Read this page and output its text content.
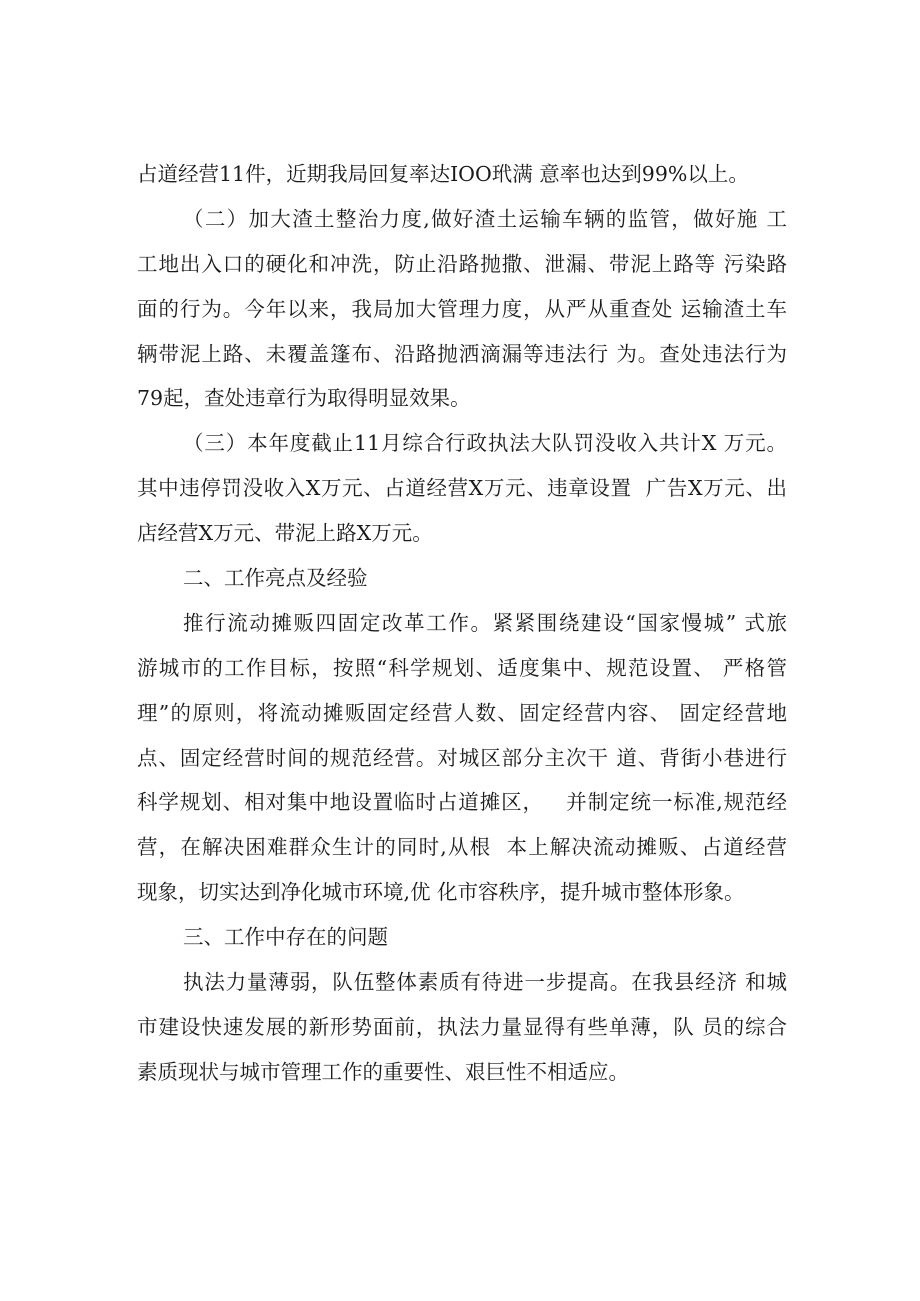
占道经营11件，近期我局回复率达IOO玳满 意率也达到99%以上。
（二）加大渣土整治力度,做好渣土运输车辆的监管，做好施 工
工地出入口的硬化和冲洗，防止沿路抛撒、泄漏、带泥上路等 污染路
面的行为。今年以来，我局加大管理力度，从严从重查处 运输渣土车
辆带泥上路、未覆盖篷布、沿路抛洒滴漏等违法行 为。查处违法行为
79起，查处违章行为取得明显效果。
（三）本年度截止11月综合行政执法大队罚没收入共计X 万元。
其中违停罚没收入X万元、占道经营X万元、违章设置  广告X万元、出
店经营X万元、带泥上路X万元。
二、工作亮点及经验
推行流动摊贩四固定改革工作。紧紧围绕建设“国家慢城” 式旅
游城市的工作目标，按照“科学规划、适度集中、规范设置、 严格管
理”的原则，将流动摊贩固定经营人数、固定经营内容、 固定经营地
点、固定经营时间的规范经营。对城区部分主次干 道、背街小巷进行
科学规划、相对集中地设置临时占道摊区，   并制定统一标准,规范经
营，在解决困难群众生计的同时,从根  本上解决流动摊贩、占道经营
现象，切实达到净化城市环境,优 化市容秩序，提升城市整体形象。
三、工作中存在的问题
执法力量薄弱，队伍整体素质有待进一步提高。在我县经济 和城
市建设快速发展的新形势面前，执法力量显得有些单薄，队 员的综合
素质现状与城市管理工作的重要性、艰巨性不相适应。
